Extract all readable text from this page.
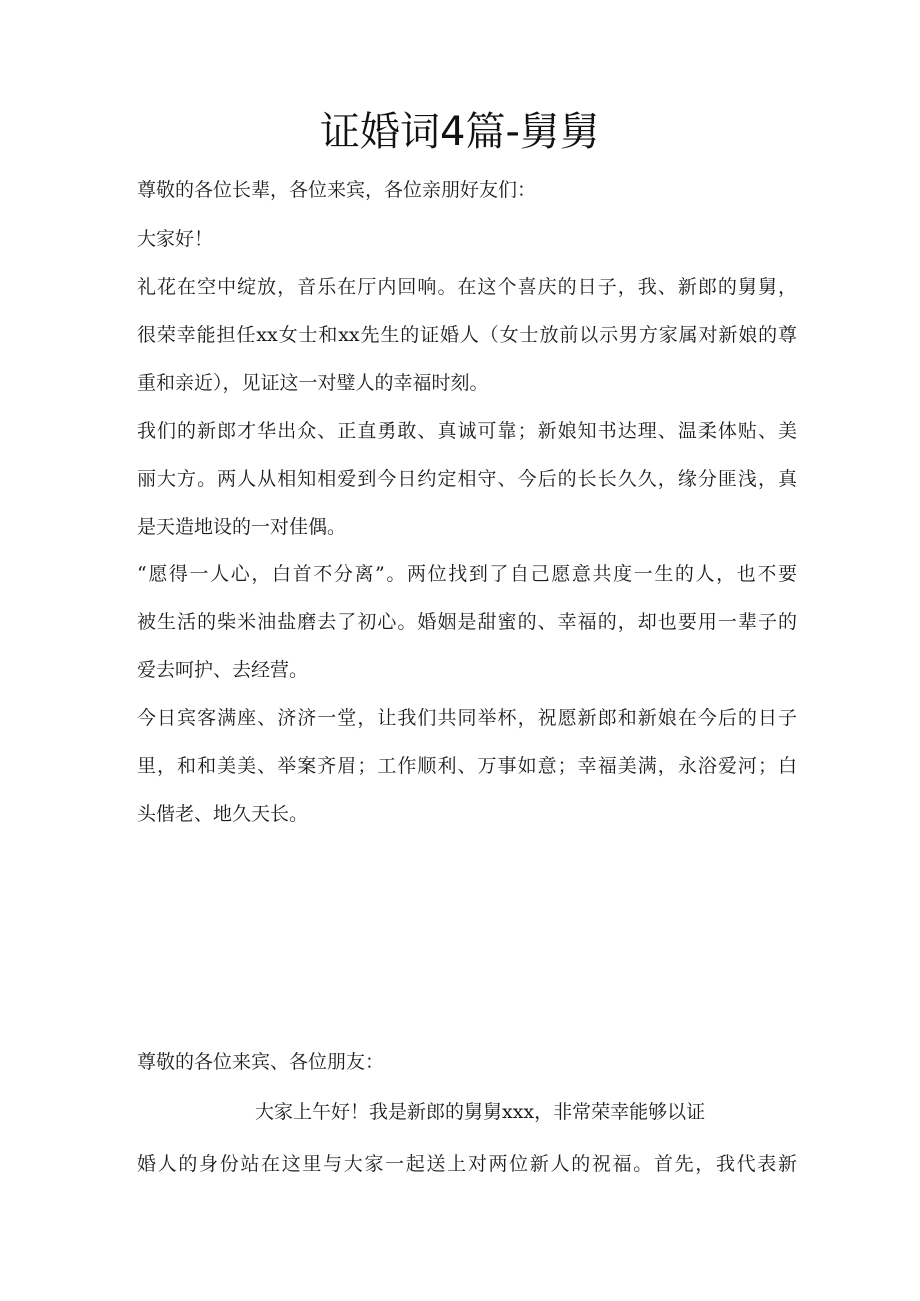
证婚词4篇-舅舅
尊敬的各位长辈，各位来宾，各位亲朋好友们：
大家好！
礼花在空中绽放，音乐在厅内回响。在这个喜庆的日子，我、新郎的舅舅，
很荣幸能担任xx女士和xx先生的证婚人（女士放前以示男方家属对新娘的尊
重和亲近），见证这一对璧人的幸福时刻。
我们的新郎才华出众、正直勇敢、真诚可靠；新娘知书达理、温柔体贴、美
丽大方。两人从相知相爱到今日约定相守、今后的长长久久，缘分匪浅，真
是天造地设的一对佳偶。
“愿得一人心，白首不分离”。两位找到了自己愿意共度一生的人，也不要
被生活的柴米油盐磨去了初心。婚姻是甜蜜的、幸福的，却也要用一辈子的
爱去呵护、去经营。
今日宾客满座、济济一堂，让我们共同举杯，祝愿新郎和新娘在今后的日子
里，和和美美、举案齐眉；工作顺利、万事如意；幸福美满，永浴爱河；白
头偕老、地久天长。
尊敬的各位来宾、各位朋友：
大家上午好！我是新郎的舅舅xxx，非常荣幸能够以证
婚人的身份站在这里与大家一起送上对两位新人的祝福。首先，我代表新
